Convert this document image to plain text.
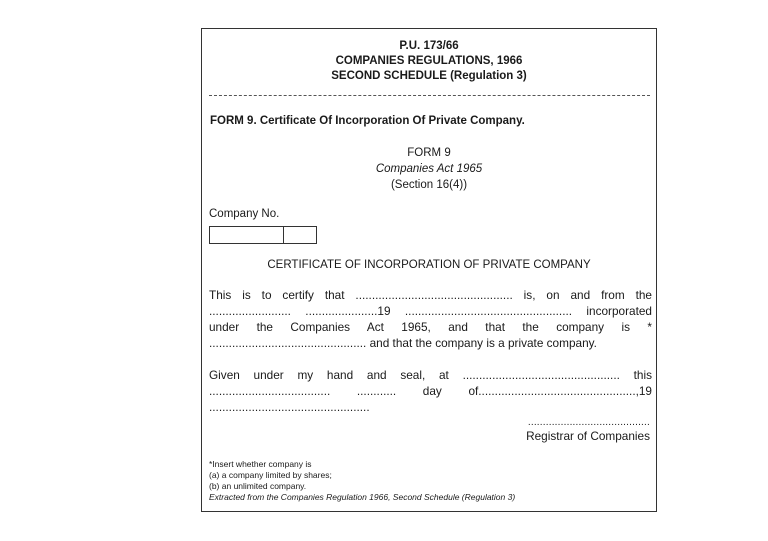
P.U. 173/66
COMPANIES REGULATIONS, 1966
SECOND SCHEDULE (Regulation 3)
FORM 9. Certificate Of Incorporation Of Private Company.
FORM 9
Companies Act 1965
(Section 16(4))
Company No.
CERTIFICATE OF INCORPORATION OF PRIVATE COMPANY

This is to certify that ................................................ is, on and from the ......................... ......................19 ................................................... incorporated under the Companies Act 1965, and that the company is * ................................................ and that the company is a private company.

Given under my hand and seal, at ................................................ this ..................................... ............ day of................................................,19 .................................................

.........................................
Registrar of Companies
*Insert whether company is
(a) a company limited by shares;
(b) an unlimited company.
Extracted from the Companies Regulation 1966, Second Schedule (Regulation 3)
